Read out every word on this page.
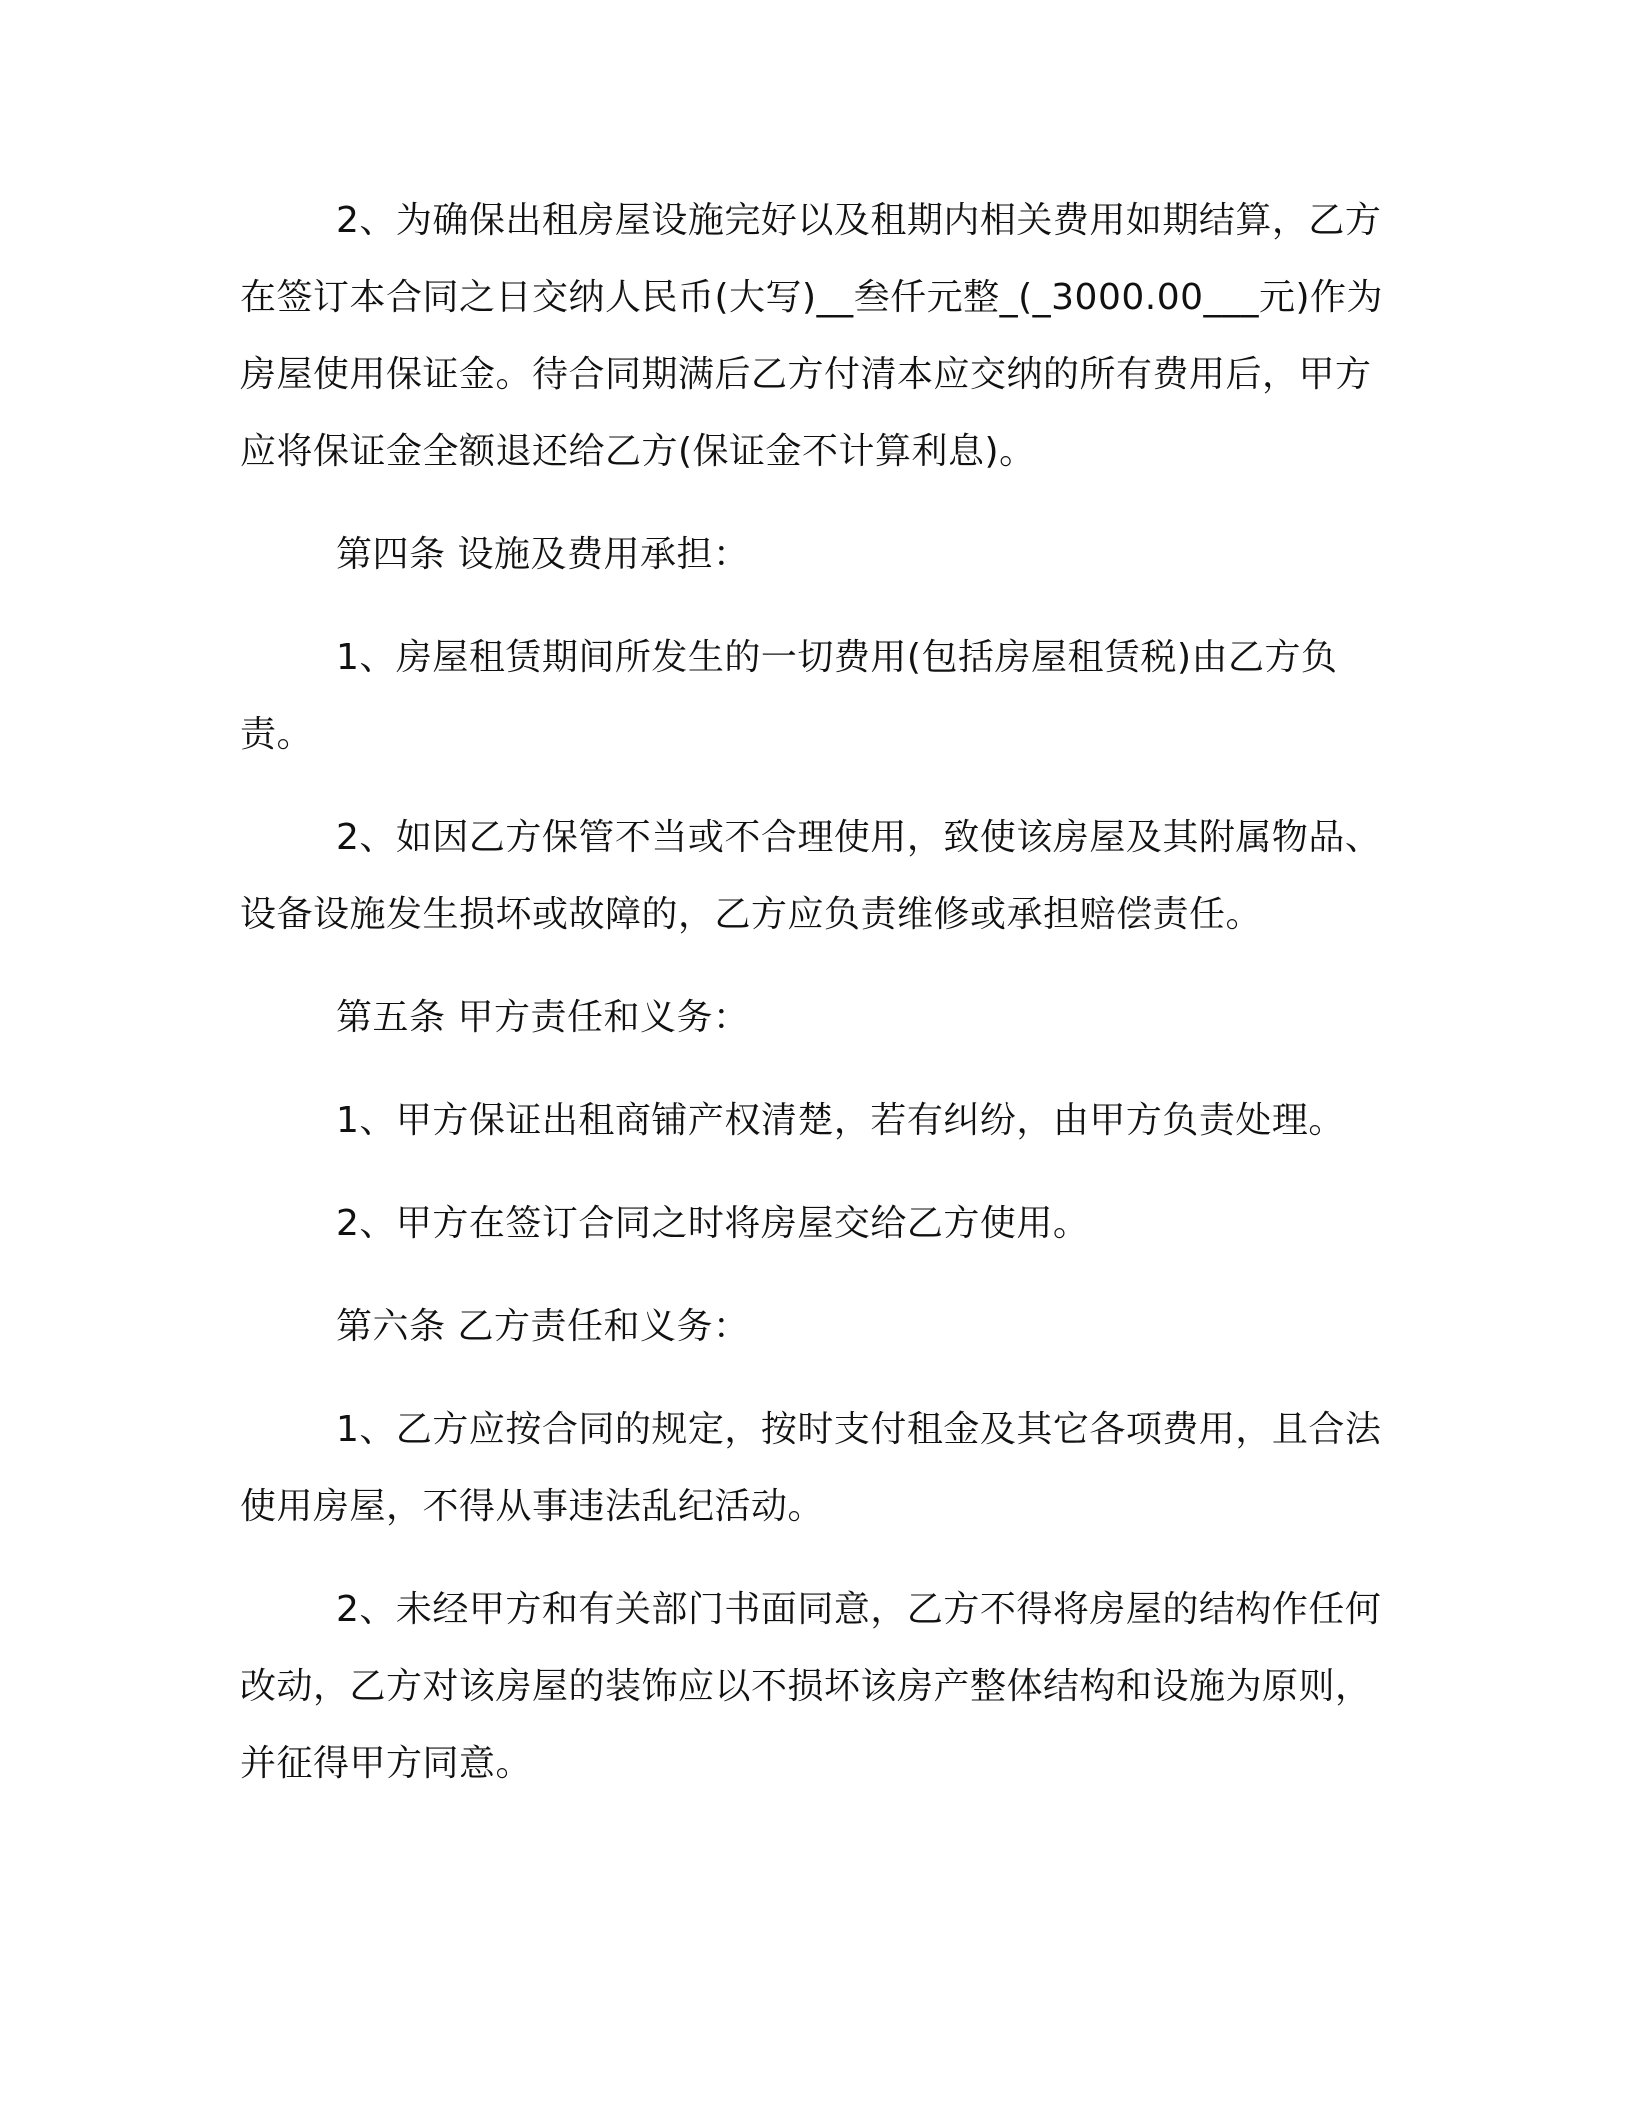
2、为确保出租房屋设施完好以及租期内相关费用如期结算，乙方在签订本合同之日交纳人民币(大写)__叁仟元整_(_3000.00___元)作为房屋使用保证金。待合同期满后乙方付清本应交纳的所有费用后，甲方应将保证金全额退还给乙方(保证金不计算利息)。

第四条 设施及费用承担：

1、房屋租赁期间所发生的一切费用(包括房屋租赁税)由乙方负责。

2、如因乙方保管不当或不合理使用，致使该房屋及其附属物品、设备设施发生损坏或故障的，乙方应负责维修或承担赔偿责任。

第五条 甲方责任和义务：

1、甲方保证出租商铺产权清楚，若有纠纷，由甲方负责处理。

2、甲方在签订合同之时将房屋交给乙方使用。

第六条 乙方责任和义务：

1、乙方应按合同的规定，按时支付租金及其它各项费用，且合法使用房屋，不得从事违法乱纪活动。

2、未经甲方和有关部门书面同意，乙方不得将房屋的结构作任何改动，乙方对该房屋的装饰应以不损坏该房产整体结构和设施为原则，并征得甲方同意。
